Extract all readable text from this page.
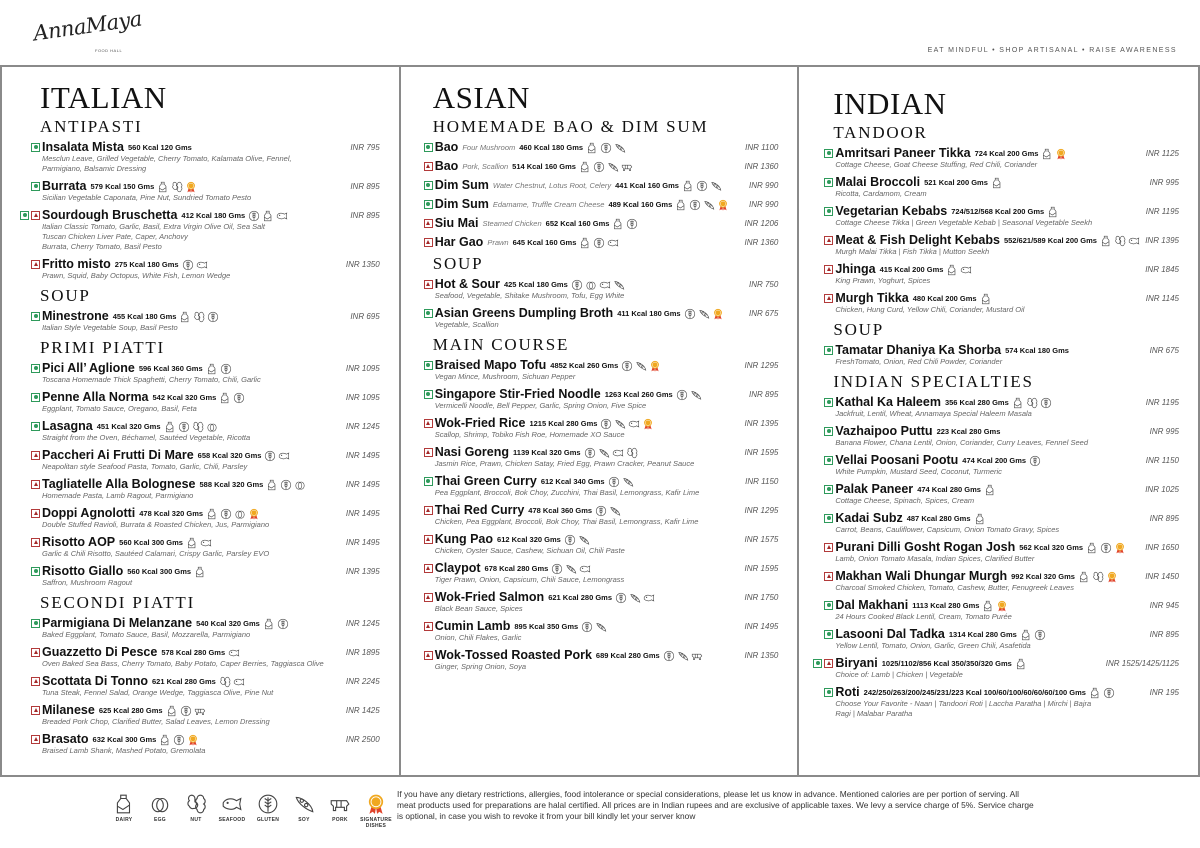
AnnaMaya
FOOD HALL	EAT MINDFUL • SHOP ARTISANAL • RAISE AWARENESS
ITALIAN
ANTIPASTI
Insalata Mista 560 Kcal 120 Gms	INR 795
Mesclun Leave, Grilled Vegetable, Cherry Tomato, Kalamata Olive, Fennel,
Parmigiano, Balsamic Dressing
Burrata 579 Kcal 150 Gms	INR 895
Sicilian Vegetable Caponata, Pine Nut, Sundried Tomato Pesto
Sourdough Bruschetta 412 Kcal 180 Gms	INR 895
Italian Classic Tomato, Garlic, Basil, Extra Virgin Olive Oil, Sea Salt
Tuscan Chicken Liver Pate, Caper, Anchovy
Burrata, Cherry Tomato, Basil Pesto
Fritto misto 275 Kcal 180 Gms	INR 1350
Prawn, Squid, Baby Octopus, White Fish, Lemon Wedge
SOUP
Minestrone 455 Kcal 180 Gms	INR 695
Italian Style Vegetable Soup, Basil Pesto
PRIMI PIATTI
Pici All’ Aglione 596 Kcal 360 Gms	INR 1095
Toscana Homemade Thick Spaghetti, Cherry Tomato, Chili, Garlic
Penne Alla Norma 542 Kcal 320 Gms	INR 1095
Eggplant, Tomato Sauce, Oregano, Basil, Feta
Lasagna 451 Kcal 320 Gms	INR 1245
Straight from the Oven, Béchamel, Sautéed Vegetable, Ricotta
Paccheri Ai Frutti Di Mare 658 Kcal 320 Gms	INR 1495
Neapolitan style Seafood Pasta, Tomato, Garlic, Chili, Parsley
Tagliatelle Alla Bolognese 588 Kcal 320 Gms	INR 1495
Homemade Pasta, Lamb Ragout, Parmigiano
Doppi Agnolotti 478 Kcal 320 Gms	INR 1495
Double Stuffed Ravioli, Burrata & Roasted Chicken, Jus, Parmigiano
Risotto AOP 560 Kcal 300 Gms	INR 1495
Garlic & Chili Risotto, Sautéed Calamari, Crispy Garlic, Parsley EVO
Risotto Giallo 560 Kcal 300 Gms	INR 1395
Saffron, Mushroom Ragout
SECONDI PIATTI
Parmigiana Di Melanzane 540 Kcal 320 Gms	INR 1245
Baked Eggplant, Tomato Sauce, Basil, Mozzarella, Parmigiano
Guazzetto Di Pesce 578 Kcal 280 Gms	INR 1895
Oven Baked Sea Bass, Cherry Tomato, Baby Potato, Caper Berries, Taggiasca Olive
Scottata Di Tonno 621 Kcal 280 Gms	INR 2245
Tuna Steak, Fennel Salad, Orange Wedge, Taggiasca Olive, Pine Nut
Milanese 625 Kcal 280 Gms	INR 1425
Breaded Pork Chop, Clarified Butter, Salad Leaves, Lemon Dressing
Brasato 632 Kcal 300 Gms	INR 2500
Braised Lamb Shank, Mashed Potato, Gremolata
ASIAN
HOMEMADE BAO & DIM SUM
Bao Four Mushroom 460 Kcal 180 Gms	INR 1100
Bao Pork, Scallion 514 Kcal 160 Gms	INR 1360
Dim Sum Water Chestnut, Lotus Root, Celery 441 Kcal 160 Gms	INR 990
Dim Sum Edamame, Truffle Cream Cheese 489 Kcal 160 Gms	INR 990
Siu Mai Steamed Chicken 652 Kcal 160 Gms	INR 1206
Har Gao Prawn 645 Kcal 160 Gms	INR 1360
SOUP
Hot & Sour 425 Kcal 180 Gms	INR 750
Seafood, Vegetable, Shitake Mushroom, Tofu, Egg White
Asian Greens Dumpling Broth 411 Kcal 180 Gms	INR 675
Vegetable, Scallion
MAIN COURSE
Braised Mapo Tofu 4852 Kcal 260 Gms	INR 1295
Vegan Mince, Mushroom, Sichuan Pepper
Singapore Stir-Fried Noodle 1263 Kcal 260 Gms	INR 895
Vermicelli Noodle, Bell Pepper, Garlic, Spring Onion, Five Spice
Wok-Fried Rice 1215 Kcal 280 Gms	INR 1395
Scallop, Shrimp, Tobiko Fish Roe, Homemade XO Sauce
Nasi Goreng 1139 Kcal 320 Gms	INR 1595
Jasmin Rice, Prawn, Chicken Satay, Fried Egg, Prawn Cracker, Peanut Sauce
Thai Green Curry 612 Kcal 340 Gms	INR 1150
Pea Eggplant, Broccoli, Bok Choy, Zucchini, Thai Basil, Lemongrass, Kafir Lime
Thai Red Curry 478 Kcal 360 Gms	INR 1295
Chicken, Pea Eggplant, Broccoli, Bok Choy, Thai Basil, Lemongrass, Kafir Lime
Kung Pao 612 Kcal 320 Gms	INR 1575
Chicken, Oyster Sauce, Cashew, Sichuan Oil, Chili Paste
Claypot 678 Kcal 280 Gms	INR 1595
Tiger Prawn, Onion, Capsicum, Chili Sauce, Lemongrass
Wok-Fried Salmon 621 Kcal 280 Gms	INR 1750
Black Bean Sauce, Spices
Cumin Lamb 895 Kcal 350 Gms	INR 1495
Onion, Chili Flakes, Garlic
Wok-Tossed Roasted Pork 689 Kcal 280 Gms	INR 1350
Ginger, Spring Onion, Soya
INDIAN
TANDOOR
Amritsari Paneer Tikka 724 Kcal 200 Gms	INR 1125
Cottage Cheese, Goat Cheese Stuffing, Red Chili, Coriander
Malai Broccoli 521 Kcal 200 Gms	INR 995
Ricotta, Cardamom, Cream
Vegetarian Kebabs 724/512/568 Kcal 200 Gms	INR 1195
Cottage Cheese Tikka | Green Vegetable Kebab | Seasonal Vegetable Seekh
Meat & Fish Delight Kebabs 552/621/589 Kcal 200 Gms	INR 1395
Murgh Malai Tikka | Fish Tikka | Mutton Seekh
Jhinga 415 Kcal 200 Gms	INR 1845
King Prawn, Yoghurt, Spices
Murgh Tikka 480 Kcal 200 Gms	INR 1145
Chicken, Hung Curd, Yellow Chili, Coriander, Mustard Oil
SOUP
Tamatar Dhaniya Ka Shorba 574 Kcal 180 Gms	INR 675
FreshTomato, Onion, Red Chili Powder, Coriander
INDIAN SPECIALTIES
Kathal Ka Haleem 356 Kcal 280 Gms	INR 1195
Jackfruit, Lentil, Wheat, Annamaya Special Haleem Masala
Vazhaipoo Puttu 223 Kcal 280 Gms	INR 995
Banana Flower, Chana Lentil, Onion, Coriander, Curry Leaves, Fennel Seed
Vellai Poosani Pootu 474 Kcal 200 Gms	INR 1150
White Pumpkin, Mustard Seed, Coconut, Turmeric
Palak Paneer 474 Kcal 280 Gms	INR 1025
Cottage Cheese, Spinach, Spices, Cream
Kadai Subz 487 Kcal 280 Gms	INR 895
Carrot, Beans, Cauliflower, Capsicum, Onion Tomato Gravy, Spices
Purani Dilli Gosht Rogan Josh 562 Kcal 320 Gms	INR 1650
Lamb, Onion Tomato Masala, Indian Spices, Clarified Butter
Makhan Wali Dhungar Murgh 992 Kcal 320 Gms	INR 1450
Charcoal Smoked Chicken, Tomato, Cashew, Butter, Fenugreek Leaves
Dal Makhani 1113 Kcal 280 Gms	INR 945
24 Hours Cooked Black Lentil, Cream, Tomato Purée
Lasooni Dal Tadka 1314 Kcal 280 Gms	INR 895
Yellow Lentil, Tomato, Onion, Garlic, Green Chili, Asafetida
Biryani 1025/1102/856 Kcal 350/350/320 Gms	INR 1525/1425/1125
Choice of: Lamb | Chicken | Vegetable
Roti 242/250/263/200/245/231/223 Kcal 100/60/100/60/60/60/100 Gms	INR 195
Choose Your Favorite - Naan | Tandoori Roti | Laccha Paratha | Mirchi | Bajra
Ragi | Malabar Paratha
DAIRY	EGG	NUT	SEAFOOD GLUTEN	SOY	PORK SIGNATURE DISHES
If you have any dietary restrictions, allergies, food intolerance or special considerations, please let us know in advance. Mentioned calories are per portion of serving. All
meat products used for preparations are halal certified. All prices are in Indian rupees and are exclusive of applicable taxes. We levy a service charge of 5%. Service charge
is optional, in case you wish to revoke it from your bill kindly let your server know
